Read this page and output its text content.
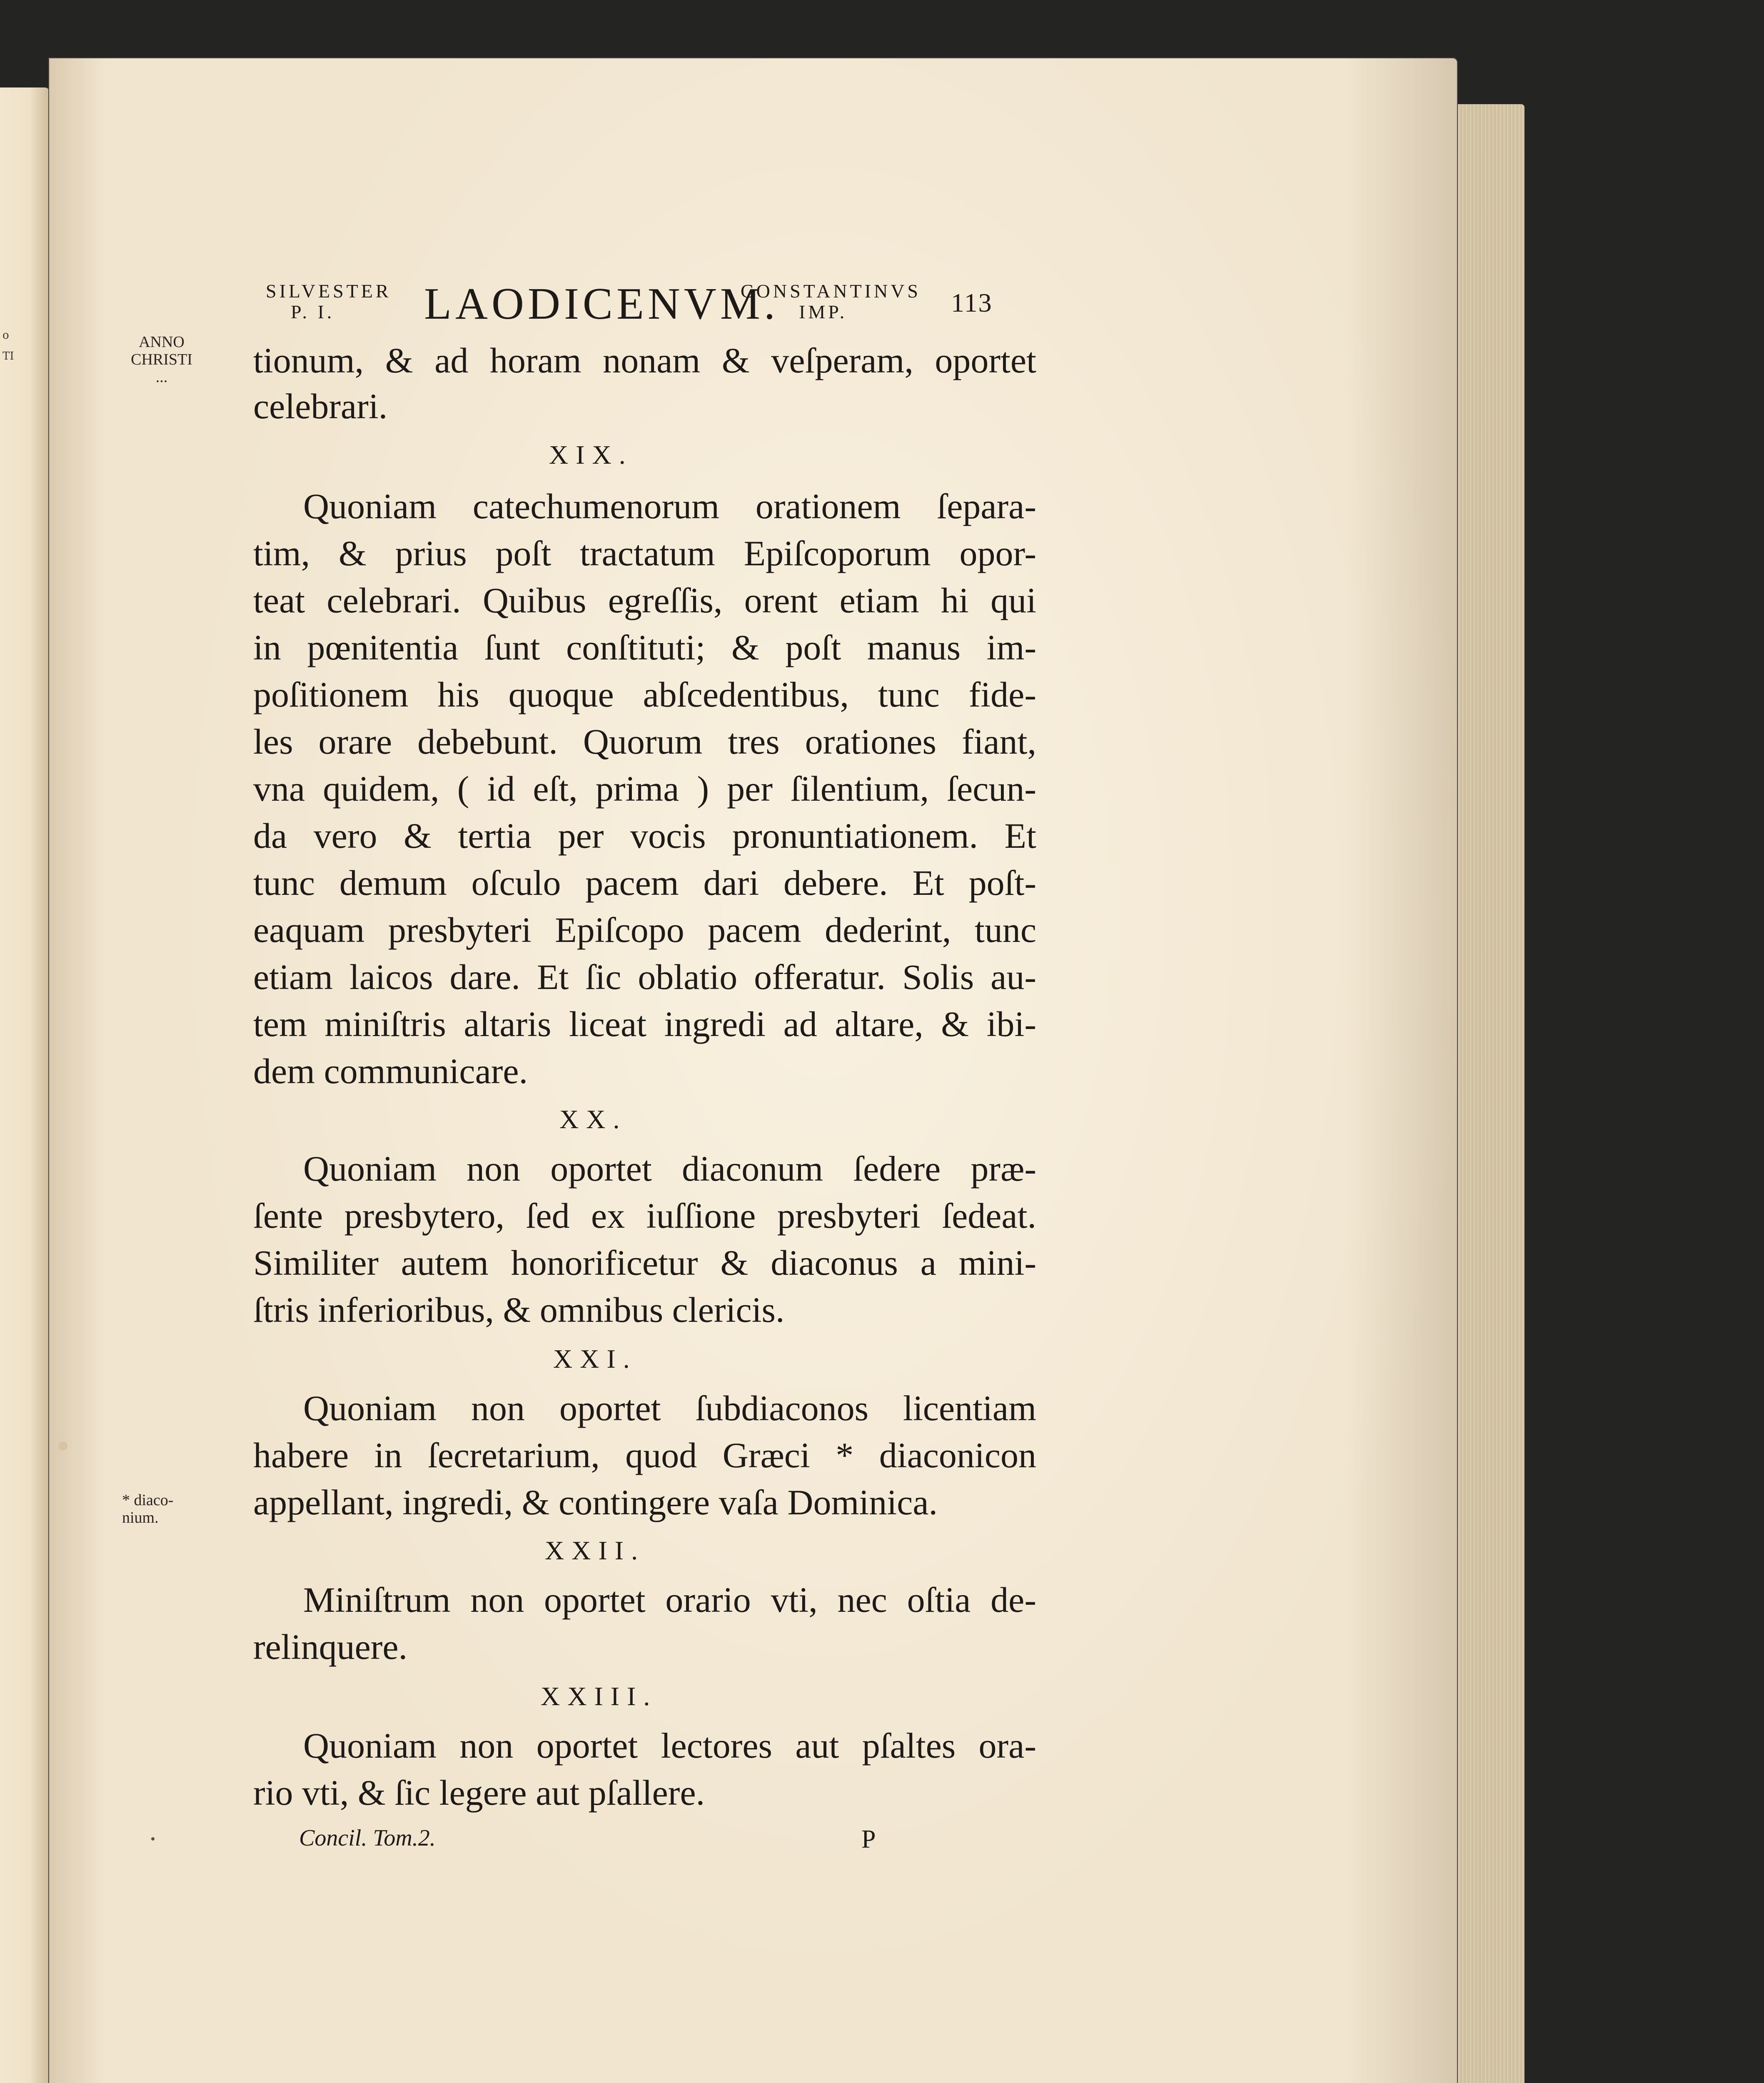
o
TI
SILVESTER
P. I. LAODICENVM.
CONSTANTINVS
IMP.	113
ANNO
CHRISTI
...
* diaco-
nium.
tionum, & ad horam nonam & veſperam, oportet
celebrari.
XIX.
Quoniam catechumenorum orationem ſepara-
tim, & prius poſt tractatum Epiſcoporum opor-
teat celebrari. Quibus egreſſis, orent etiam hi qui
in pœnitentia ſunt conſtituti; & poſt manus im-
poſitionem his quoque abſcedentibus, tunc fide-
les orare debebunt. Quorum tres orationes fiant,
vna quidem, ( id eſt, prima ) per ſilentium, ſecun-
da vero & tertia per vocis pronuntiationem. Et
tunc demum oſculo pacem dari debere. Et poſt-
eaquam presbyteri Epiſcopo pacem dederint, tunc
etiam laicos dare. Et ſic oblatio offeratur. Solis au-
tem miniſtris altaris liceat ingredi ad altare, & ibi-
dem communicare.
XX.
Quoniam non oportet diaconum ſedere præ-
ſente presbytero, ſed ex iuſſione presbyteri ſedeat.
Similiter autem honorificetur & diaconus a mini-
ſtris inferioribus, & omnibus clericis.
XXI.
Quoniam non oportet ſubdiaconos licentiam
habere in ſecretarium, quod Græci * diaconicon
appellant, ingredi, & contingere vaſa Dominica.
XXII.
Miniſtrum non oportet orario vti, nec oſtia de-
relinquere.
XXIII.
Quoniam non oportet lectores aut pſaltes ora-
rio vti, & ſic legere aut pſallere.
Concil. Tom.2.	P
